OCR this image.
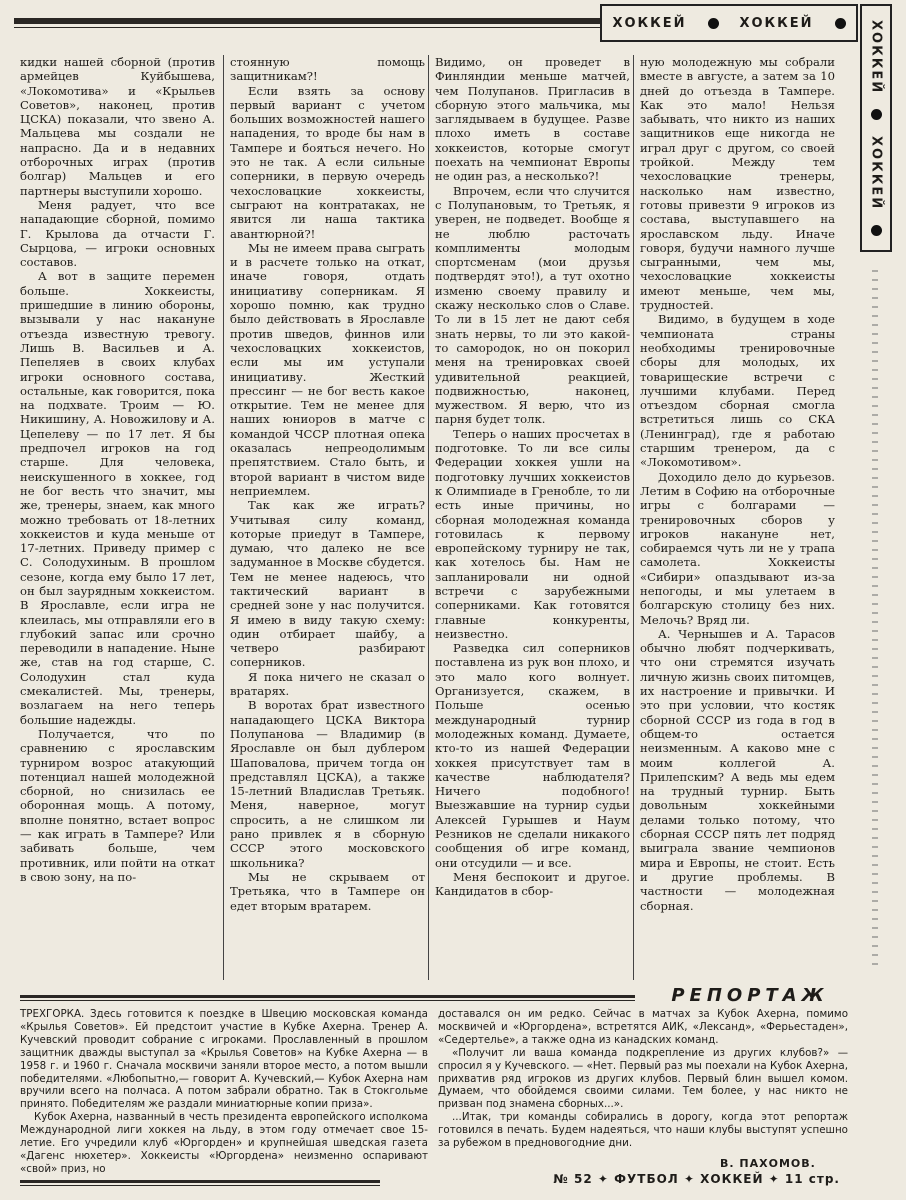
ХОККЕЙ	ХОККЕЙ	ХОККЕЙ
ХОККЕЙ

кидки нашей сборной (против армейцев Куйбышева, «Локомотива» и «Крыльев Советов», наконец, против ЦСКА) показали, что звено А. Мальцева мы создали не напрасно. Да и в недавних отборочных играх (против болгар) Мальцев и его партнеры выступили хорошо.

Меня радует, что все нападающие сборной, помимо Г. Крылова да отчасти Г. Сырцова, — игроки основных составов.

А вот в защите перемен больше. Хоккеисты, пришедшие в линию обороны, вызывали у нас накануне отъезда известную тревогу. Лишь В. Васильев и А. Пепеляев в своих клубах игроки основного состава, остальные, как говорится, пока на подхвате. Троим — Ю. Никишину, А. Новожилову и А. Цепелеву — по 17 лет. Я бы предпочел игроков на год старше. Для человека, неискушенного в хоккее, год не бог весть что значит, мы же, тренеры, знаем, как много можно требовать от 18-летних хоккеистов и куда меньше от 17-летних. Приведу пример с С. Солодухиным. В прошлом сезоне, когда ему было 17 лет, он был заурядным хоккеистом. В Ярославле, если игра не клеилась, мы отправляли его в глубокий запас или срочно переводили в нападение. Ныне же, став на год старше, С. Солодухин стал куда смекалистей. Мы, тренеры, возлагаем на него теперь большие надежды.

Получается, что по сравнению с ярославским турниром возрос атакующий потенциал нашей молодежной сборной, но снизилась ее оборонная мощь. А потому, вполне понятно, встает вопрос — как играть в Тампере? Или забивать больше, чем противник, или пойти на откат в свою зону, на по-

стоянную помощь защитникам?!

Если взять за основу первый вариант с учетом больших возможностей нашего нападения, то вроде бы нам в Тампере и бояться нечего. Но это не так. А если сильные соперники, в первую очередь чехословацкие хоккеисты, сыграют на контратаках, не явится ли наша тактика авантюрной?!

Мы не имеем права сыграть и в расчете только на откат, иначе говоря, отдать инициативу соперникам. Я хорошо помню, как трудно было действовать в Ярославле против шведов, финнов или чехословацких хоккеистов, если мы им уступали инициативу. Жесткий прессинг — не бог весть какое открытие. Тем не менее для наших юниоров в матче с командой ЧССР плотная опека оказалась непреодолимым препятствием. Стало быть, и второй вариант в чистом виде неприемлем.

Так как же играть? Учитывая силу команд, которые приедут в Тампере, думаю, что далеко не все задуманное в Москве сбудется. Тем не менее надеюсь, что тактический вариант в средней зоне у нас получится. Я имею в виду такую схему: один отбирает шайбу, а четверо разбирают соперников.

Я пока ничего не сказал о вратарях.

В воротах брат известного нападающего ЦСКА Виктора Полупанова — Владимир (в Ярославле он был дублером Шаповалова, причем тогда он представлял ЦСКА), а также 15-летний Владислав Третьяк. Меня, наверное, могут спросить, а не слишком ли рано привлек я в сборную СССР этого московского школьника?

Мы не скрываем от Третьяка, что в Тампере он едет вторым вратарем.

Видимо, он проведет в Финляндии меньше матчей, чем Полупанов. Пригласив в сборную этого мальчика, мы заглядываем в будущее. Разве плохо иметь в составе хоккеистов, которые смогут поехать на чемпионат Европы не один раз, а несколько?!

Впрочем, если что случится с Полупановым, то Третьяк, я уверен, не подведет. Вообще я не люблю расточать комплименты молодым спортсменам (мои друзья подтвердят это!), а тут охотно изменю своему правилу и скажу несколько слов о Славе. То ли в 15 лет не дают себя знать нервы, то ли это какой-то самородок, но он покорил меня на тренировках своей удивительной реакцией, подвижностью, наконец, мужеством. Я верю, что из парня будет толк.

Теперь о наших просчетах в подготовке. То ли все силы Федерации хоккея ушли на подготовку лучших хоккеистов к Олимпиаде в Гренобле, то ли есть иные причины, но сборная молодежная команда готовилась к первому европейскому турниру не так, как хотелось бы. Нам не запланировали ни одной встречи с зарубежными соперниками. Как готовятся главные конкуренты, неизвестно.

Разведка сил соперников поставлена из рук вон плохо, и это мало кого волнует. Организуется, скажем, в Польше осенью международный турнир молодежных команд. Думаете, кто-то из нашей Федерации хоккея присутствует там в качестве наблюдателя? Ничего подобного! Выезжавшие на турнир судьи Алексей Гурышев и Наум Резников не сделали никакого сообщения об игре команд, они отсудили — и все.

Меня беспокоит и другое. Кандидатов в сбор-

ную молодежную мы собрали вместе в августе, а затем за 10 дней до отъезда в Тампере. Как это мало! Нельзя забывать, что никто из наших защитников еще никогда не играл друг с другом, со своей тройкой. Между тем чехословацкие тренеры, насколько нам известно, готовы привезти 9 игроков из состава, выступавшего на ярославском льду. Иначе говоря, будучи намного лучше сыгранными, чем мы, чехословацкие хоккеисты имеют меньше, чем мы, трудностей.

Видимо, в будущем в ходе чемпионата страны необходимы тренировочные сборы для молодых, их товарищеские встречи с лучшими клубами. Перед отъездом сборная смогла встретиться лишь со СКА (Ленинград), где я работаю старшим тренером, да с «Локомотивом».

Доходило дело до курьезов. Летим в Софию на отборочные игры с болгарами — тренировочных сборов у игроков накануне нет, собираемся чуть ли не у трапа самолета. Хоккеисты «Сибири» опаздывают из-за непогоды, и мы улетаем в болгарскую столицу без них. Мелочь? Вряд ли.

А. Чернышев и А. Тарасов обычно любят подчеркивать, что они стремятся изучать личную жизнь своих питомцев, их настроение и привычки. И это при условии, что костяк сборной СССР из года в год в общем-то остается неизменным. А каково мне с моим коллегой А. Прилепским? А ведь мы едем на трудный турнир. Быть довольным хоккейными делами только потому, что сборная СССР пять лет подряд выиграла звание чемпионов мира и Европы, не стоит. Есть и другие проблемы. В частности — молодежная сборная.

РЕПОРТАЖ

ТРЕХГОРКА. Здесь готовится к поездке в Швецию московская команда «Крылья Советов». Ей предстоит участие в Кубке Ахерна. Тренер А. Кучевский проводит собрание с игроками. Прославленный в прошлом защитник дважды выступал за «Крылья Советов» на Кубке Ахерна — в 1958 г. и 1960 г. Сначала москвичи заняли второе место, а потом вышли победителями. «Любопытно,— говорит А. Кучевский,— Кубок Ахерна нам вручили всего на полчаса. А потом забрали обратно. Так в Стокгольме принято. Победителям же раздали миниатюрные копии приза».

Кубок Ахерна, названный в честь президента европейского исполкома Международной лиги хоккея на льду, в этом году отмечает свое 15-летие. Его учредили клуб «Юргорден» и крупнейшая шведская газета «Дагенс нюхетер». Хоккеисты «Юргордена» неизменно оспаривают «свой» приз, но

доставался он им редко. Сейчас в матчах за Кубок Ахерна, помимо москвичей и «Юргордена», встретятся АИК, «Лександ», «Ферьестаден», «Седертелье», а также одна из канадских команд.

«Получит ли ваша команда подкрепление из других клубов?» — спросил я у Кучевского. — «Нет. Первый раз мы поехали на Кубок Ахерна, прихватив ряд игроков из других клубов. Первый блин вышел комом. Думаем, что обойдемся своими силами. Тем более, у нас никто не призван под знамена сборных...».

...Итак, три команды собирались в дорогу, когда этот репортаж готовился в печать. Будем надеяться, что наши клубы выступят успешно за рубежом в предновогодние дни.

В. ПАХОМОВ.
№ 52 ✦ ФУТБОЛ ✦ ХОККЕЙ ✦ 11 стр.
